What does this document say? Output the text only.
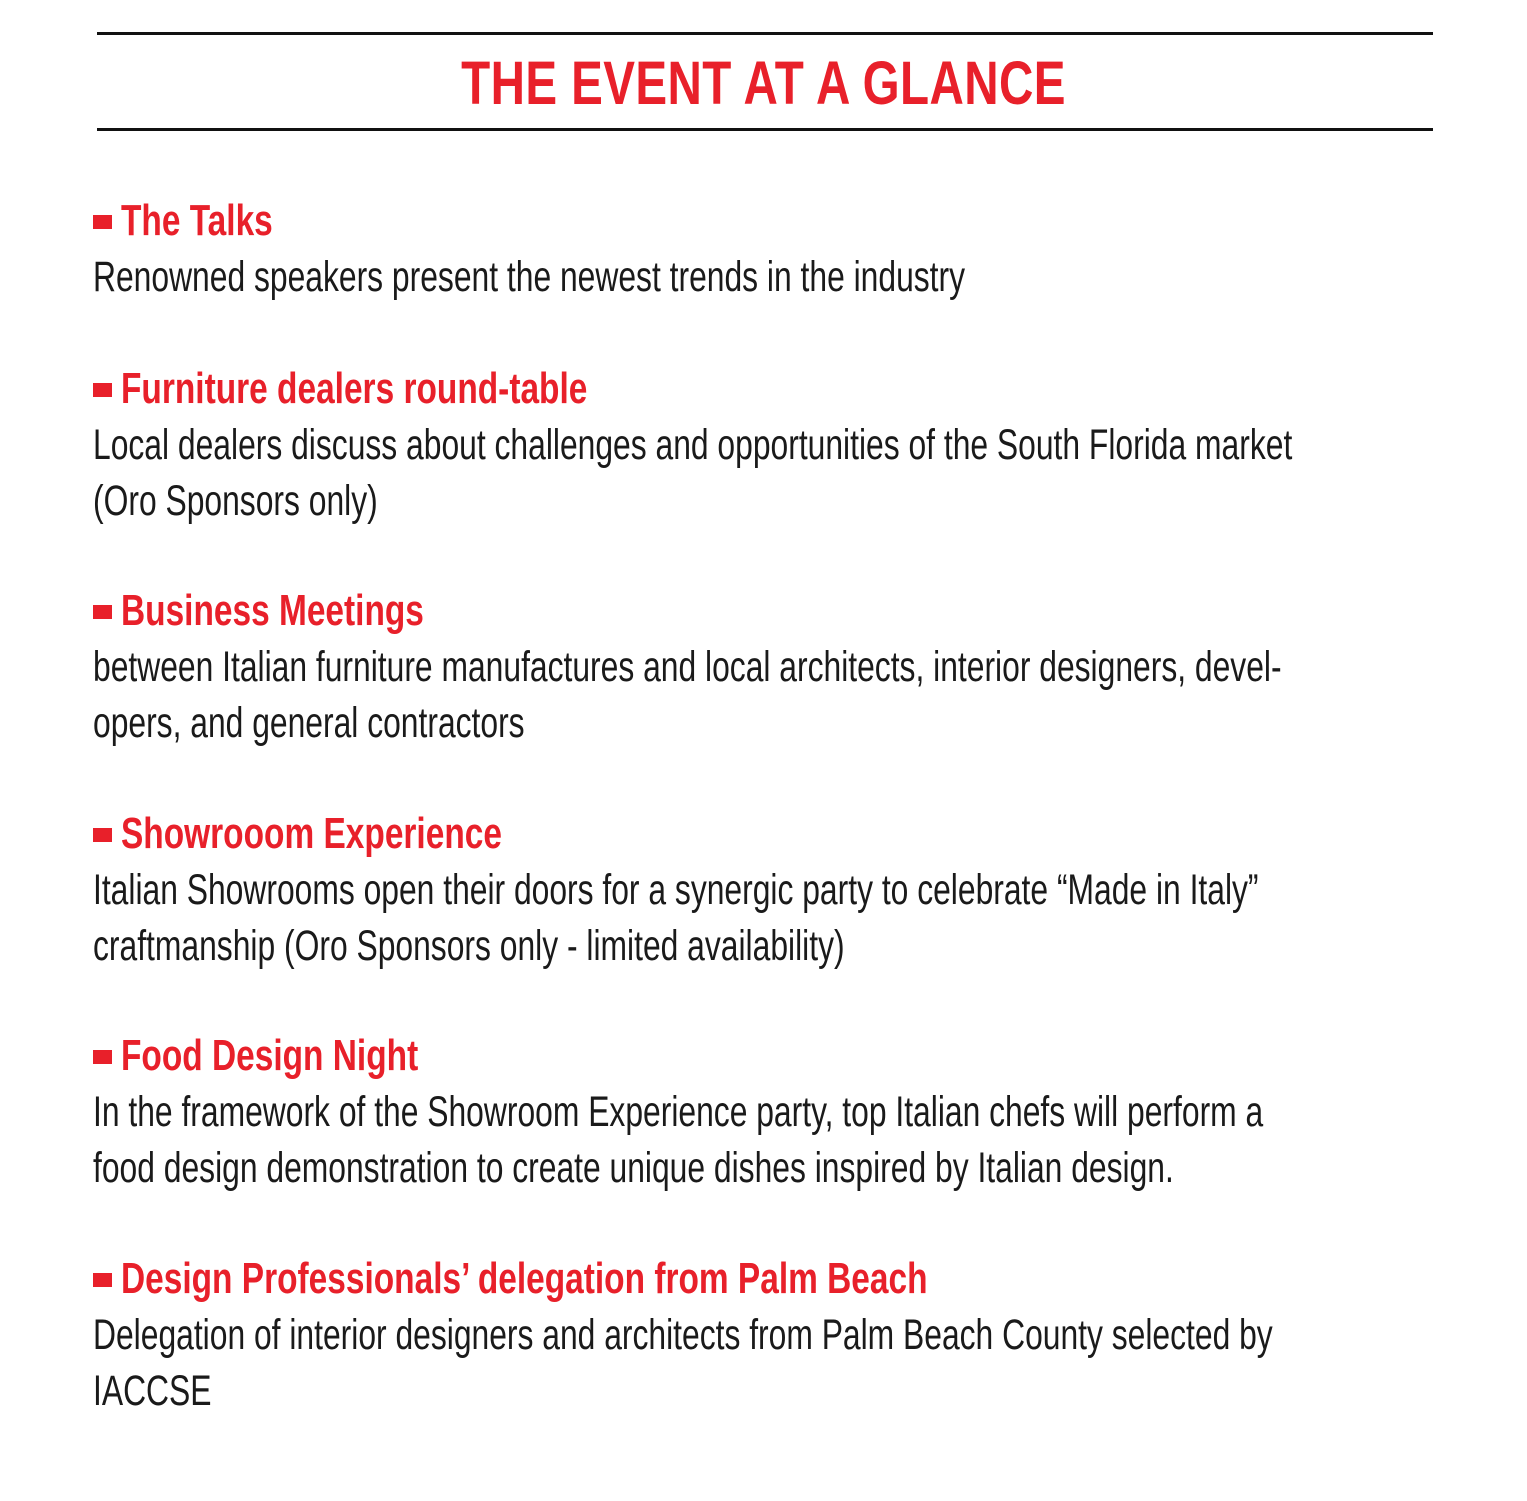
THE EVENT AT A GLANCE
The Talks
Renowned speakers present the newest trends in the industry
Furniture dealers round-table
Local dealers discuss about challenges and opportunities of the South Florida market
(Oro Sponsors only)
Business Meetings
between Italian furniture manufactures and local architects, interior designers, devel-
opers, and general contractors
Showrooom Experience
Italian Showrooms open their doors for a synergic party to celebrate “Made in Italy”
craftmanship (Oro Sponsors only - limited availability)
Food Design Night
In the framework of the Showroom Experience party, top Italian chefs will perform a
food design demonstration to create unique dishes inspired by Italian design.
Design Professionals’ delegation from Palm Beach
Delegation of interior designers and architects from Palm Beach County selected by
IACCSE
